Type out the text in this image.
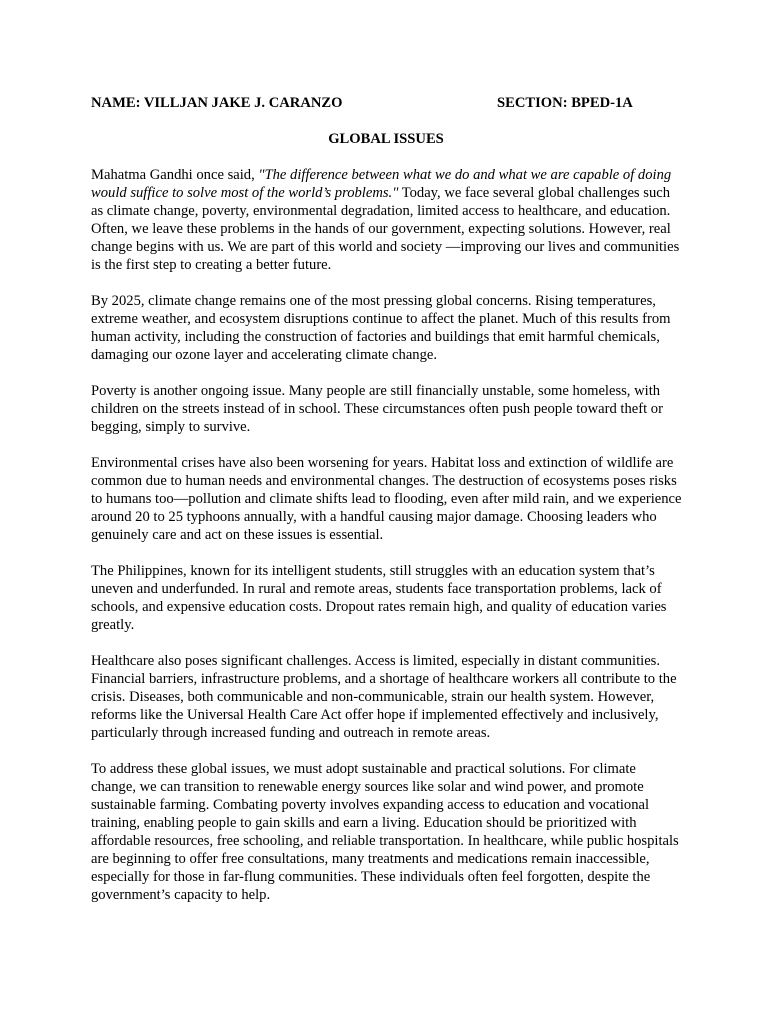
NAME: VILLJAN JAKE J. CARANZO	SECTION: BPED-1A
GLOBAL ISSUES

Mahatma Gandhi once said, "The difference between what we do and what we are capable of doing would suffice to solve most of the world’s problems." Today, we face several global challenges such as climate change, poverty, environmental degradation, limited access to healthcare, and education. Often, we leave these problems in the hands of our government, expecting solutions. However, real change begins with us. We are part of this world and society —improving our lives and communities is the first step to creating a better future.

By 2025, climate change remains one of the most pressing global concerns. Rising temperatures, extreme weather, and ecosystem disruptions continue to affect the planet. Much of this results from human activity, including the construction of factories and buildings that emit harmful chemicals, damaging our ozone layer and accelerating climate change.

Poverty is another ongoing issue. Many people are still financially unstable, some homeless, with children on the streets instead of in school. These circumstances often push people toward theft or begging, simply to survive.

Environmental crises have also been worsening for years. Habitat loss and extinction of wildlife are common due to human needs and environmental changes. The destruction of ecosystems poses risks to humans too—pollution and climate shifts lead to flooding, even after mild rain, and we experience around 20 to 25 typhoons annually, with a handful causing major damage. Choosing leaders who genuinely care and act on these issues is essential.

The Philippines, known for its intelligent students, still struggles with an education system that’s uneven and underfunded. In rural and remote areas, students face transportation problems, lack of schools, and expensive education costs. Dropout rates remain high, and quality of education varies greatly.

Healthcare also poses significant challenges. Access is limited, especially in distant communities. Financial barriers, infrastructure problems, and a shortage of healthcare workers all contribute to the crisis. Diseases, both communicable and non-communicable, strain our health system. However, reforms like the Universal Health Care Act offer hope if implemented effectively and inclusively, particularly through increased funding and outreach in remote areas.

To address these global issues, we must adopt sustainable and practical solutions. For climate change, we can transition to renewable energy sources like solar and wind power, and promote sustainable farming. Combating poverty involves expanding access to education and vocational training, enabling people to gain skills and earn a living. Education should be prioritized with affordable resources, free schooling, and reliable transportation. In healthcare, while public hospitals are beginning to offer free consultations, many treatments and medications remain inaccessible, especially for those in far-flung communities. These individuals often feel forgotten, despite the government’s capacity to help.
